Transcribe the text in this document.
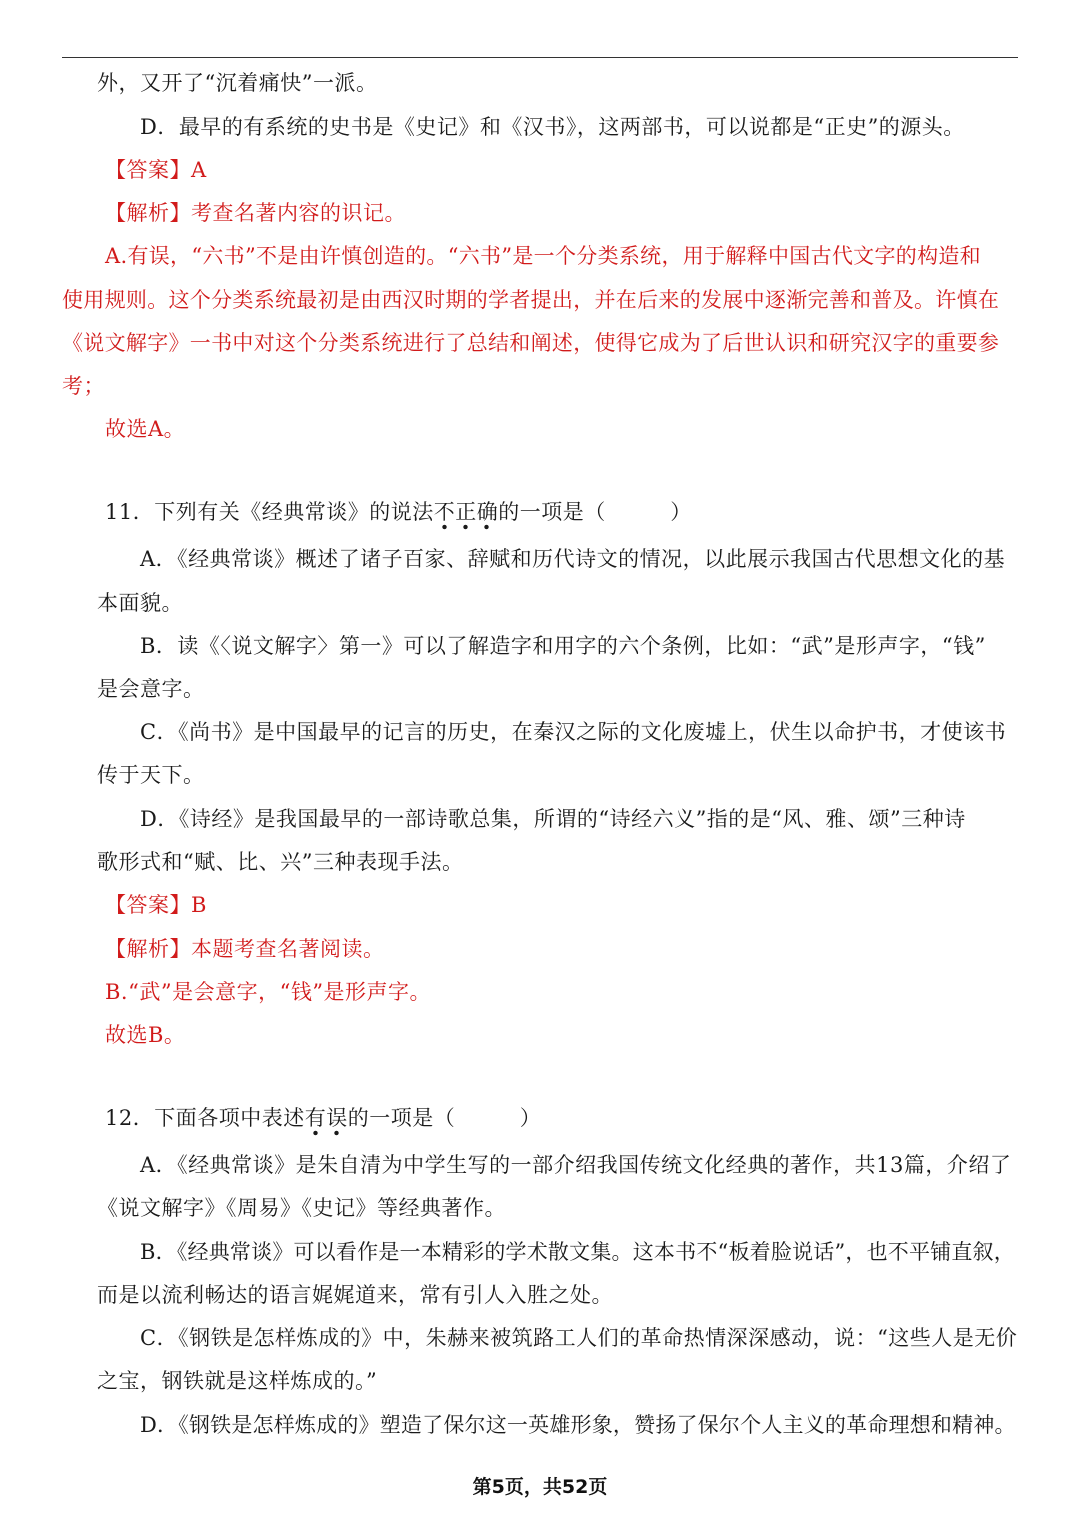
外，又开了“沉着痛快”一派。
D．最早的有系统的史书是《史记》和《汉书》，这两部书，可以说都是“正史”的源头。
【答案】A
【解析】考查名著内容的识记。
A.有误，“六书”不是由许慎创造的。“六书”是一个分类系统，用于解释中国古代文字的构造和
使用规则。这个分类系统最初是由西汉时期的学者提出，并在后来的发展中逐渐完善和普及。许慎在
《说文解字》一书中对这个分类系统进行了总结和阐述，使得它成为了后世认识和研究汉字的重要参
考；
故选A。
11．下列有关《经典常谈》的说法不正确
的一项是（　　　）
A．《经典常谈》概述了诸子百家、辞赋和历代诗文的情况，以此展示我国古代思想文化的基
本面貌。
B．读《〈说文解字〉第一》可以了解造字和用字的六个条例，比如：“武”是形声字，“钱”
是会意字。
C．《尚书》是中国最早的记言的历史，在秦汉之际的文化废墟上，伏生以命护书，才使该书
传于天下。
D．《诗经》是我国最早的一部诗歌总集，所谓的“诗经六义”指的是“风、雅、颂”三种诗
歌形式和“赋、比、兴”三种表现手法。
【答案】B
【解析】本题考查名著阅读。
B.“武”是会意字，“钱”是形声字。
故选B。
12．下面各项中表述有误
的一项是（　　　）
A．《经典常谈》是朱自清为中学生写的一部介绍我国传统文化经典的著作，共13篇，介绍了
《说文解字》《周易》《史记》等经典著作。
B．《经典常谈》可以看作是一本精彩的学术散文集。这本书不“板着脸说话”，也不平铺直叙，
而是以流利畅达的语言娓娓道来，常有引人入胜之处。
C．《钢铁是怎样炼成的》中，朱赫来被筑路工人们的革命热情深深感动，说：“这些人是无价
之宝，钢铁就是这样炼成的。”
D．《钢铁是怎样炼成的》塑造了保尔这一英雄形象，赞扬了保尔个人主义的革命理想和精神。
第5页，共52页
